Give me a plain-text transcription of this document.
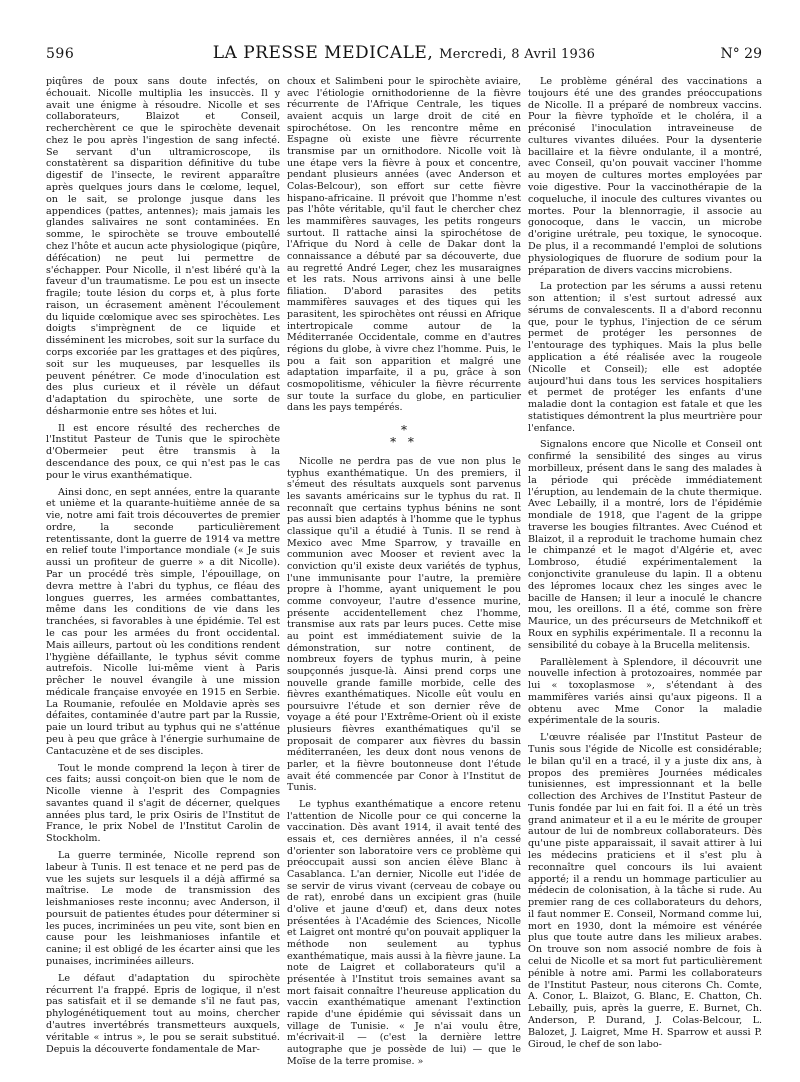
596	LA PRESSE MEDICALE, Mercredi, 8 Avril 1936	N° 29

piqûres de poux sans doute infectés, on échouait. Nicolle multiplia les insuccès. Il y avait une énigme à résoudre. Nicolle et ses collaborateurs, Blaizot et Conseil, recherchèrent ce que le spirochète devenait chez le pou après l'ingestion de sang infecté. Se servant d'un ultramicroscope, ils constatèrent sa disparition définitive du tube digestif de l'insecte, le revirent apparaître après quelques jours dans le cœlome, lequel, on le sait, se prolonge jusque dans les appendices (pattes, antennes); mais jamais les glandes salivaires ne sont contaminées. En somme, le spirochète se trouve emboutellé chez l'hôte et aucun acte physiologique (piqûre, défécation) ne peut lui permettre de s'échapper. Pour Nicolle, il n'est libéré qu'à la faveur d'un traumatisme. Le pou est un insecte fragile; toute lésion du corps et, à plus forte raison, un écrasement amènent l'écoulement du liquide cœlomique avec ses spirochètes. Les doigts s'imprègnent de ce liquide et disséminent les microbes, soit sur la surface du corps excoriée par les grattages et des piqûres, soit sur les muqueuses, par lesquelles ils peuvent pénétrer. Ce mode d'inoculation est des plus curieux et il révèle un défaut d'adaptation du spirochète, une sorte de désharmonie entre ses hôtes et lui.

Il est encore résulté des recherches de l'Institut Pasteur de Tunis que le spirochète d'Obermeier peut être transmis à la descendance des poux, ce qui n'est pas le cas pour le virus exanthématique.

Ainsi donc, en sept années, entre la quarante et unième et la quarante-huitième année de sa vie, notre ami fait trois découvertes de premier ordre, la seconde particulièrement retentissante, dont la guerre de 1914 va mettre en relief toute l'importance mondiale (« Je suis aussi un profiteur de guerre » a dit Nicolle). Par un procédé très simple, l'épouillage, on devra mettre à l'abri du typhus, ce fléau des longues guerres, les armées combattantes, même dans les conditions de vie dans les tranchées, si favorables à une épidémie. Tel est le cas pour les armées du front occidental. Mais ailleurs, partout où les conditions rendent l'hygiène défaillante, le typhus sévit comme autrefois. Nicolle lui-même vient à Paris prêcher le nouvel évangile à une mission médicale française envoyée en 1915 en Serbie. La Roumanie, refoulée en Moldavie après ses défaites, contaminée d'autre part par la Russie, paie un lourd tribut au typhus qui ne s'atténue peu à peu que grâce à l'énergie surhumaine de Cantacuzène et de ses disciples.

Tout le monde comprend la leçon à tirer de ces faits; aussi conçoit-on bien que le nom de Nicolle vienne à l'esprit des Compagnies savantes quand il s'agit de décerner, quelques années plus tard, le prix Osiris de l'Institut de France, le prix Nobel de l'Institut Carolin de Stockholm.

La guerre terminée, Nicolle reprend son labeur à Tunis. Il est tenace et ne perd pas de vue les sujets sur lesquels il a déjà affirmé sa maîtrise. Le mode de transmission des leishmanioses reste inconnu; avec Anderson, il poursuit de patientes études pour déterminer si les puces, incriminées un peu vite, sont bien en cause pour les leishmanioses infantile et canine; il est obligé de les écarter ainsi que les punaises, incriminées ailleurs.

Le défaut d'adaptation du spirochète récurrent l'a frappé. Epris de logique, il n'est pas satisfait et il se demande s'il ne faut pas, phylogénétiquement tout au moins, chercher d'autres invertébrés transmetteurs auxquels, véritable « intrus », le pou se serait substitué. Depuis la découverte fondamentale de Mar-

choux et Salimbeni pour le spirochète aviaire, avec l'étiologie ornithodorienne de la fièvre récurrente de l'Afrique Centrale, les tiques avaient acquis un large droit de cité en spirochétose. On les rencontre même en Espagne où existe une fièvre récurrente transmise par un ornithodore. Nicolle voit là une étape vers la fièvre à poux et concentre, pendant plusieurs années (avec Anderson et Colas-Belcour), son effort sur cette fièvre hispano-africaine. Il prévoit que l'homme n'est pas l'hôte véritable, qu'il faut le chercher chez les mammifères sauvages, les petits rongeurs surtout. Il rattache ainsi la spirochétose de l'Afrique du Nord à celle de Dakar dont la connaissance a débuté par sa découverte, due au regretté André Leger, chez les musaraignes et les rats. Nous arrivons ainsi à une belle filiation. D'abord parasites des petits mammifères sauvages et des tiques qui les parasitent, les spirochètes ont réussi en Afrique intertropicale comme autour de la Méditerranée Occidentale, comme en d'autres régions du globe, à vivre chez l'homme. Puis, le pou a fait son apparition et malgré une adaptation imparfaite, il a pu, grâce à son cosmopolitisme, véhiculer la fièvre récurrente sur toute la surface du globe, en particulier dans les pays tempérés.

*
* *

Nicolle ne perdra pas de vue non plus le typhus exanthématique. Un des premiers, il s'émeut des résultats auxquels sont parvenus les savants américains sur le typhus du rat. Il reconnaît que certains typhus bénins ne sont pas aussi bien adaptés à l'homme que le typhus classique qu'il a étudié à Tunis. Il se rend à Mexico avec Mme Sparrow, y travaille en communion avec Mooser et revient avec la conviction qu'il existe deux variétés de typhus, l'une immunisante pour l'autre, la première propre à l'homme, ayant uniquement le pou comme convoyeur, l'autre d'essence murine, présente accidentellement chez l'homme, transmise aux rats par leurs puces. Cette mise au point est immédiatement suivie de la démonstration, sur notre continent, de nombreux foyers de typhus murin, à peine soupçonnés jusque-là. Ainsi prend corps une nouvelle grande famille morbide, celle des fièvres exanthématiques. Nicolle eût voulu en poursuivre l'étude et son dernier rêve de voyage a été pour l'Extrême-Orient où il existe plusieurs fièvres exanthématiques qu'il se proposait de comparer aux fièvres du bassin méditerranéen, les deux dont nous venons de parler, et la fièvre boutonneuse dont l'étude avait été commencée par Conor à l'Institut de Tunis.

Le typhus exanthématique a encore retenu l'attention de Nicolle pour ce qui concerne la vaccination. Dès avant 1914, il avait tenté des essais et, ces dernières années, il n'a cessé d'orienter son laboratoire vers ce problème qui préoccupait aussi son ancien élève Blanc à Casablanca. L'an dernier, Nicolle eut l'idée de se servir de virus vivant (cerveau de cobaye ou de rat), enrobé dans un excipient gras (huile d'olive et jaune d'œuf) et, dans deux notes présentées à l'Académie des Sciences, Nicolle et Laigret ont montré qu'on pouvait appliquer la méthode non seulement au typhus exanthématique, mais aussi à la fièvre jaune. La note de Laigret et collaborateurs qu'il a présentée à l'Institut trois semaines avant sa mort faisait connaître l'heureuse application du vaccin exanthématique amenant l'extinction rapide d'une épidémie qui sévissait dans un village de Tunisie. « Je n'ai voulu être, m'écrivait-il — (c'est la dernière lettre autographe que je possède de lui) — que le Moïse de la terre promise. »

Le problème général des vaccinations a toujours été une des grandes préoccupations de Nicolle. Il a préparé de nombreux vaccins. Pour la fièvre typhoïde et le choléra, il a préconisé l'inoculation intraveineuse de cultures vivantes diluées. Pour la dysenterie bacillaire et la fièvre ondulante, il a montré, avec Conseil, qu'on pouvait vacciner l'homme au moyen de cultures mortes employées par voie digestive. Pour la vaccinothérapie de la coqueluche, il inocule des cultures vivantes ou mortes. Pour la blennorragie, il associe au gonocoque, dans le vaccin, un microbe d'origine urétrale, peu toxique, le synocoque. De plus, il a recommandé l'emploi de solutions physiologiques de fluorure de sodium pour la préparation de divers vaccins microbiens.

La protection par les sérums a aussi retenu son attention; il s'est surtout adressé aux sérums de convalescents. Il a d'abord reconnu que, pour le typhus, l'injection de ce sérum permet de protéger les personnes de l'entourage des typhiques. Mais la plus belle application a été réalisée avec la rougeole (Nicolle et Conseil); elle est adoptée aujourd'hui dans tous les services hospitaliers et permet de protéger les enfants d'une maladie dont la contagion est fatale et que les statistiques démontrent la plus meurtrière pour l'enfance.

Signalons encore que Nicolle et Conseil ont confirmé la sensibilité des singes au virus morbilleux, présent dans le sang des malades à la période qui précède immédiatement l'éruption, au lendemain de la chute thermique. Avec Lebailly, il a montré, lors de l'épidémie mondiale de 1918, que l'agent de la grippe traverse les bougies filtrantes. Avec Cuénod et Blaizot, il a reproduit le trachome humain chez le chimpanzé et le magot d'Algérie et, avec Lombroso, étudié expérimentalement la conjonctivite granuleuse du lapin. Il a obtenu des lépromes locaux chez les singes avec le bacille de Hansen; il leur a inoculé le chancre mou, les oreillons. Il a été, comme son frère Maurice, un des précurseurs de Metchnikoff et Roux en syphilis expérimentale. Il a reconnu la sensibilité du cobaye à la Brucella melitensis.

Parallèlement à Splendore, il découvrit une nouvelle infection à protozoaires, nommée par lui « toxoplasmose », s'étendant à des mammifères variés ainsi qu'aux pigeons. Il a obtenu avec Mme Conor la maladie expérimentale de la souris.

L'œuvre réalisée par l'Institut Pasteur de Tunis sous l'égide de Nicolle est considérable; le bilan qu'il en a tracé, il y a juste dix ans, à propos des premières Journées médicales tunisiennes, est impressionnant et la belle collection des Archives de l'Institut Pasteur de Tunis fondée par lui en fait foi. Il a été un très grand animateur et il a eu le mérite de grouper autour de lui de nombreux collaborateurs. Dès qu'une piste apparaissait, il savait attirer à lui les médecins praticiens et il s'est plu à reconnaître quel concours ils lui avaient apporté; il a rendu un hommage particulier au médecin de colonisation, à la tâche si rude. Au premier rang de ces collaborateurs du dehors, il faut nommer E. Conseil, Normand comme lui, mort en 1930, dont la mémoire est vénérée plus que toute autre dans les milieux arabes. On trouve son nom associé nombre de fois à celui de Nicolle et sa mort fut particulièrement pénible à notre ami. Parmi les collaborateurs de l'Institut Pasteur, nous citerons Ch. Comte, A. Conor, L. Blaizot, G. Blanc, E. Chatton, Ch. Lebailly, puis, après la guerre, E. Burnet, Ch. Anderson, P. Durand, J. Colas-Belcour, L. Balozet, J. Laigret, Mme H. Sparrow et aussi P. Giroud, le chef de son labo-
